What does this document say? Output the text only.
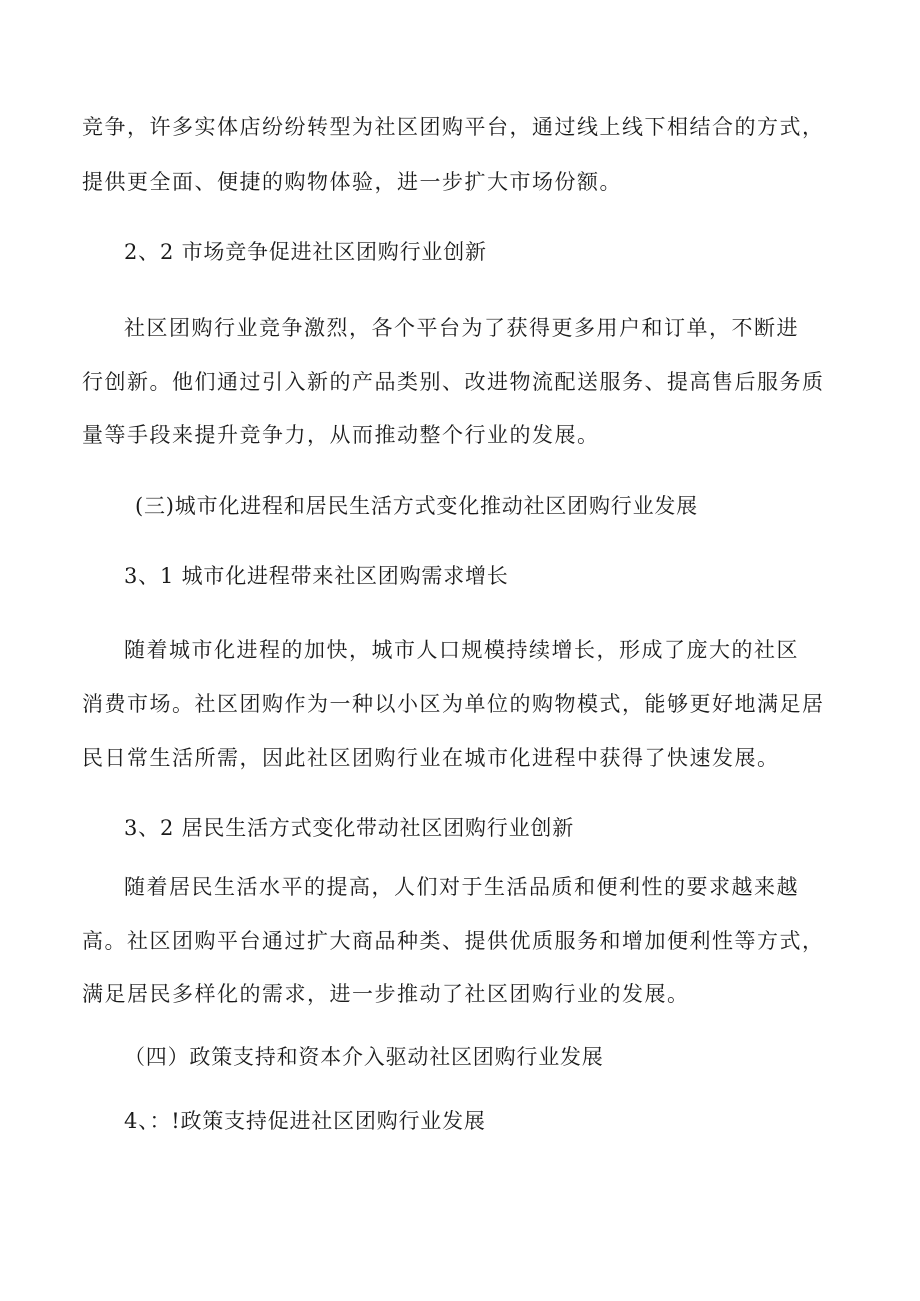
竞争，许多实体店纷纷转型为社区团购平台，通过线上线下相结合的方式，
提供更全面、便捷的购物体验，进一步扩大市场份额。
2、2 市场竞争促进社区团购行业创新
社区团购行业竞争激烈，各个平台为了获得更多用户和订单，不断进
行创新。他们通过引入新的产品类别、改进物流配送服务、提高售后服务质
量等手段来提升竞争力，从而推动整个行业的发展。
(三)城市化进程和居民生活方式变化推动社区团购行业发展
3、1 城市化进程带来社区团购需求增长
随着城市化进程的加快，城市人口规模持续增长，形成了庞大的社区
消费市场。社区团购作为一种以小区为单位的购物模式，能够更好地满足居
民日常生活所需，因此社区团购行业在城市化进程中获得了快速发展。
3、2 居民生活方式变化带动社区团购行业创新
随着居民生活水平的提高，人们对于生活品质和便利性的要求越来越
高。社区团购平台通过扩大商品种类、提供优质服务和增加便利性等方式，
满足居民多样化的需求，进一步推动了社区团购行业的发展。
（四）政策支持和资本介入驱动社区团购行业发展
4、：!政策支持促进社区团购行业发展
